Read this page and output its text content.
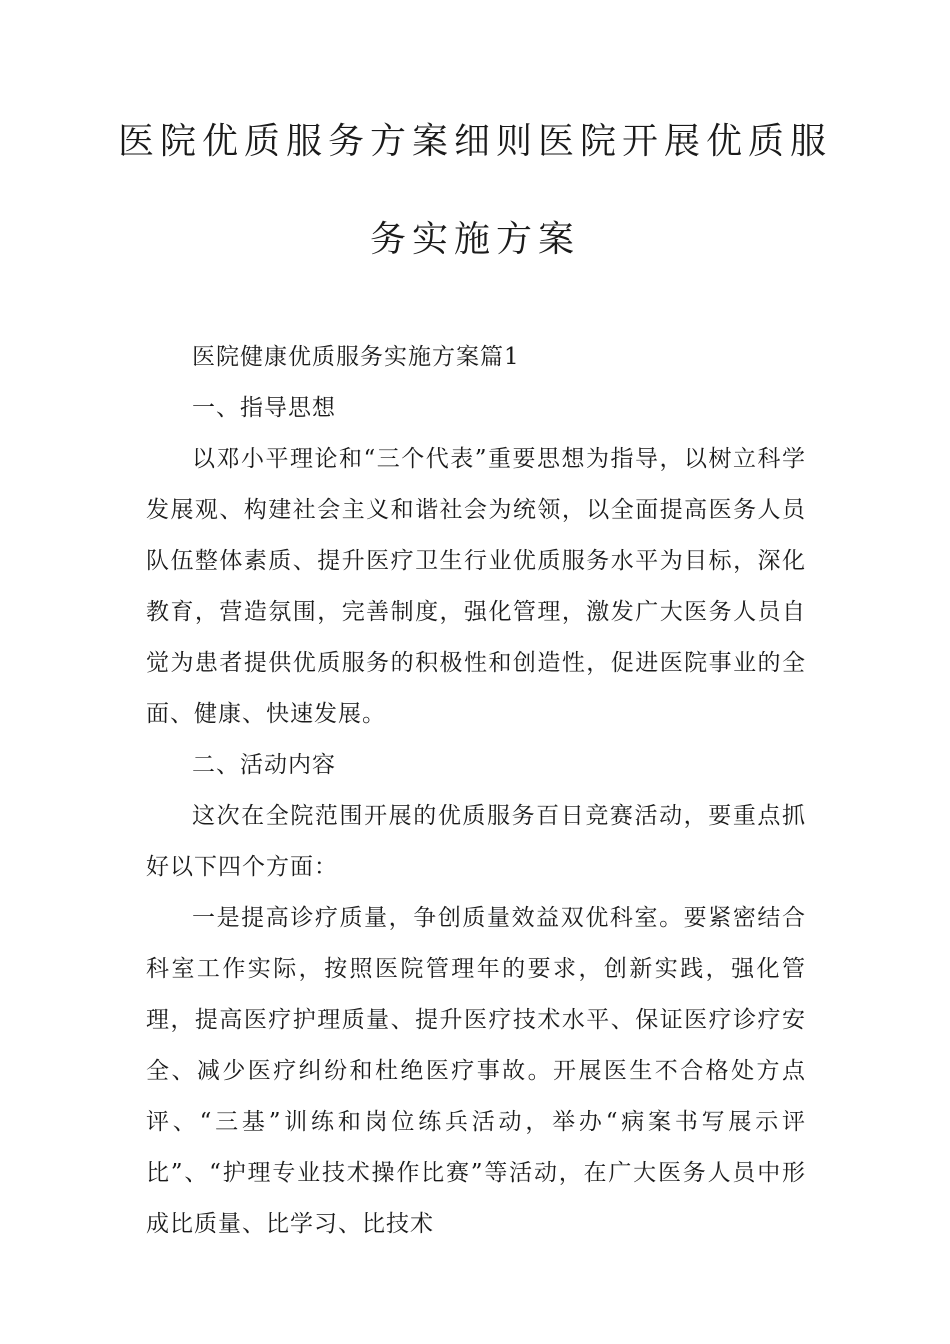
医院优质服务方案细则医院开展优质服
务实施方案

医院健康优质服务实施方案篇1

一、指导思想

以邓小平理论和“三个代表”重要思想为指导，以树立科学发展观、构建社会主义和谐社会为统领，以全面提高医务人员队伍整体素质、提升医疗卫生行业优质服务水平为目标，深化教育，营造氛围，完善制度，强化管理，激发广大医务人员自觉为患者提供优质服务的积极性和创造性，促进医院事业的全面、健康、快速发展。

二、活动内容

这次在全院范围开展的优质服务百日竞赛活动，要重点抓好以下四个方面：

一是提高诊疗质量，争创质量效益双优科室。要紧密结合科室工作实际，按照医院管理年的要求，创新实践，强化管理，提高医疗护理质量、提升医疗技术水平、保证医疗诊疗安全、减少医疗纠纷和杜绝医疗事故。开展医生不合格处方点评、“三基”训练和岗位练兵活动，举办“病案书写展示评比”、“护理专业技术操作比赛”等活动，在广大医务人员中形成比质量、比学习、比技术
